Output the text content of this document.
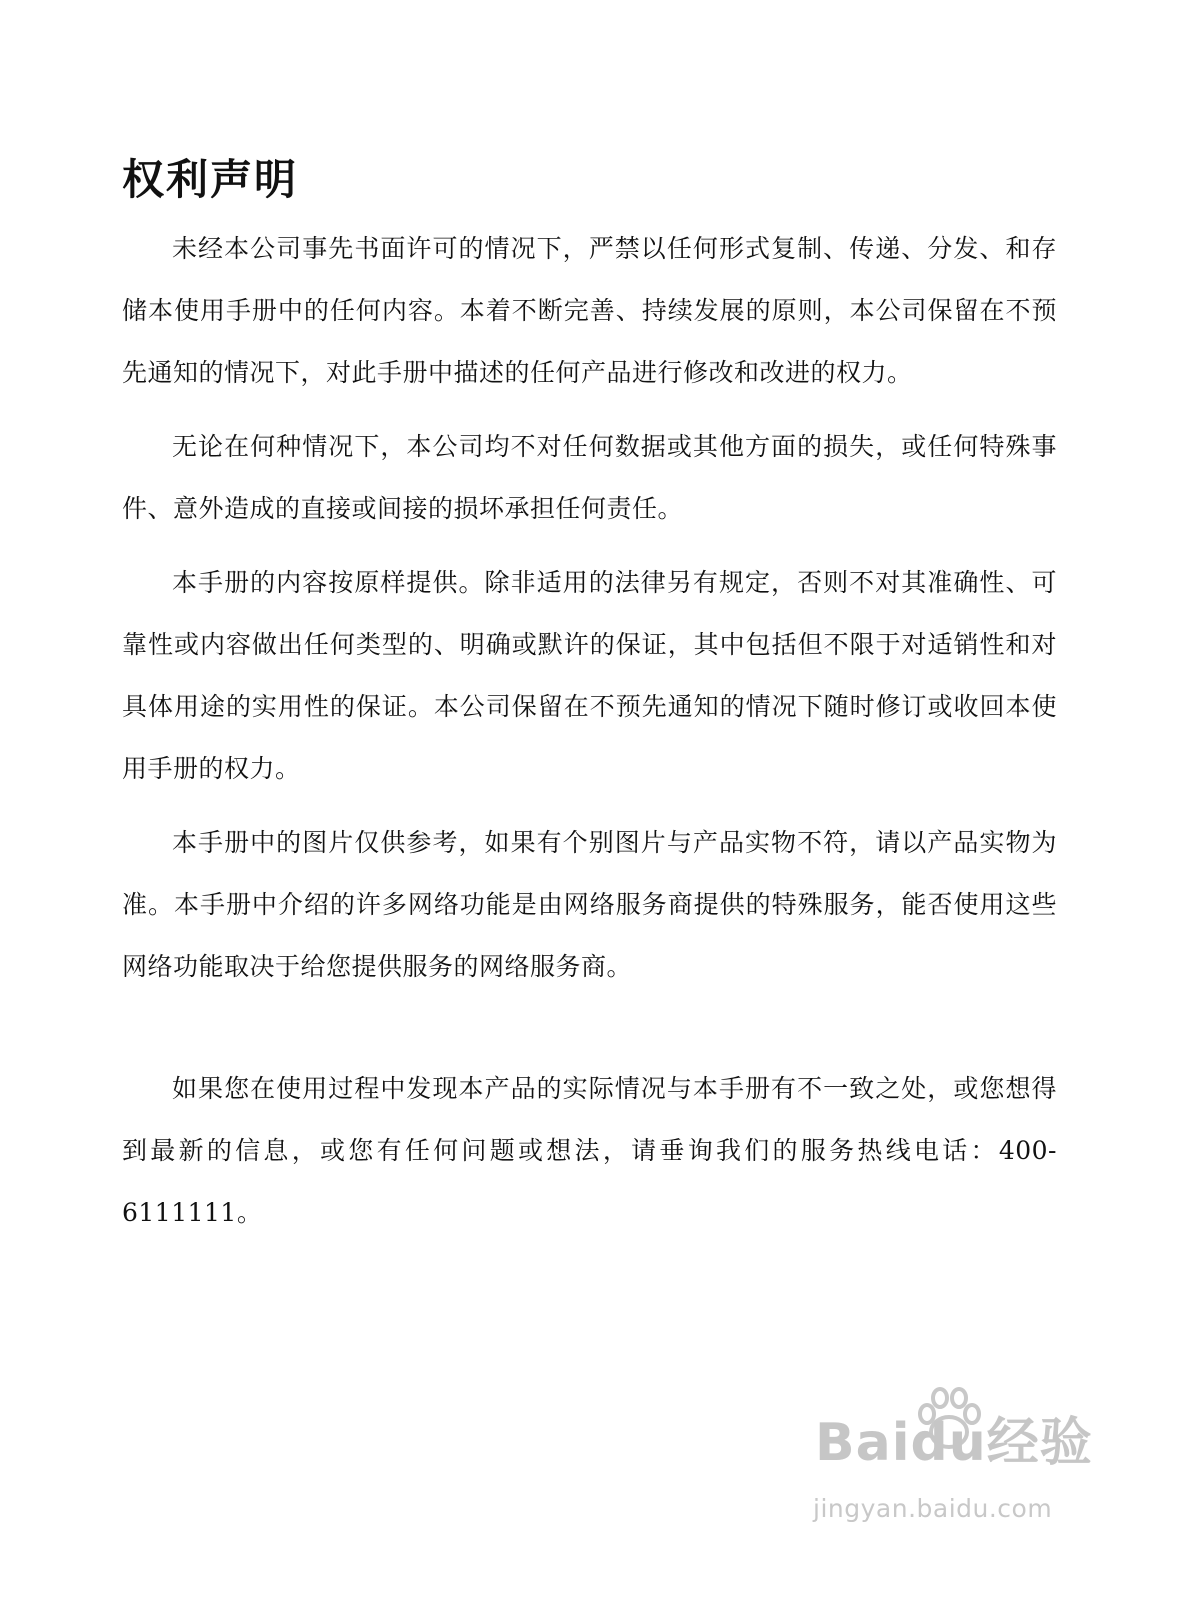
权利声明

未经本公司事先书面许可的情况下，严禁以任何形式复制、传递、分发、和存储本使用手册中的任何内容。本着不断完善、持续发展的原则，本公司保留在不预先通知的情况下，对此手册中描述的任何产品进行修改和改进的权力。

无论在何种情况下，本公司均不对任何数据或其他方面的损失，或任何特殊事件、意外造成的直接或间接的损坏承担任何责任。

本手册的内容按原样提供。除非适用的法律另有规定，否则不对其准确性、可靠性或内容做出任何类型的、明确或默许的保证，其中包括但不限于对适销性和对具体用途的实用性的保证。本公司保留在不预先通知的情况下随时修订或收回本使用手册的权力。

本手册中的图片仅供参考，如果有个别图片与产品实物不符，请以产品实物为准。本手册中介绍的许多网络功能是由网络服务商提供的特殊服务，能否使用这些网络功能取决于给您提供服务的网络服务商。

如果您在使用过程中发现本产品的实际情况与本手册有不一致之处，或您想得到最新的信息，或您有任何问题或想法，请垂询我们的服务热线电话：400-6111111。

Baidu经验
jingyan.baidu.com
